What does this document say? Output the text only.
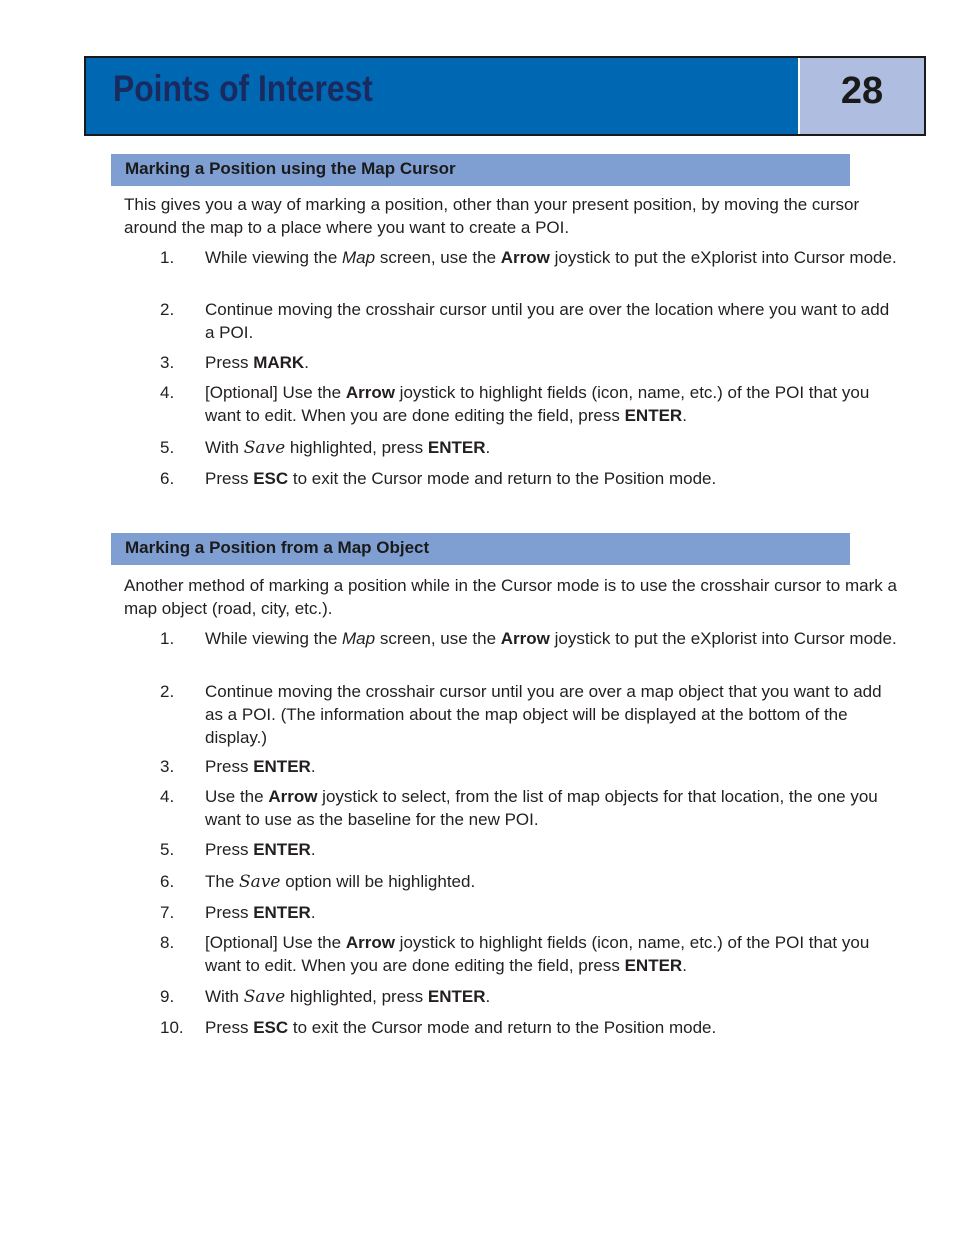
Points of Interest	28
Marking a Position using the Map Cursor

This gives you a way of marking a position, other than your present position, by moving the cursor around the map to a place where you want to create a POI.

1. While viewing the Map screen, use the Arrow joystick to put the eXplorist into Cursor mode.
2. Continue moving the crosshair cursor until you are over the location where you want to add a POI.
3. Press MARK.
4. [Optional] Use the Arrow joystick to highlight fields (icon, name, etc.) of the POI that you want to edit. When you are done editing the field, press ENTER.
5. With Save highlighted, press ENTER.
6. Press ESC to exit the Cursor mode and return to the Position mode.
Marking a Position from a Map Object

Another method of marking a position while in the Cursor mode is to use the crosshair cursor to mark a map object (road, city, etc.).

1. While viewing the Map screen, use the Arrow joystick to put the eXplorist into Cursor mode.
2. Continue moving the crosshair cursor until you are over a map object that you want to add as a POI. (The information about the map object will be displayed at the bottom of the display.)
3. Press ENTER.
4. Use the Arrow joystick to select, from the list of map objects for that location, the one you want to use as the baseline for the new POI.
5. Press ENTER.
6. The Save option will be highlighted.
7. Press ENTER.
8. [Optional] Use the Arrow joystick to highlight fields (icon, name, etc.) of the POI that you want to edit. When you are done editing the field, press ENTER.
9. With Save highlighted, press ENTER.
10. Press ESC to exit the Cursor mode and return to the Position mode.
